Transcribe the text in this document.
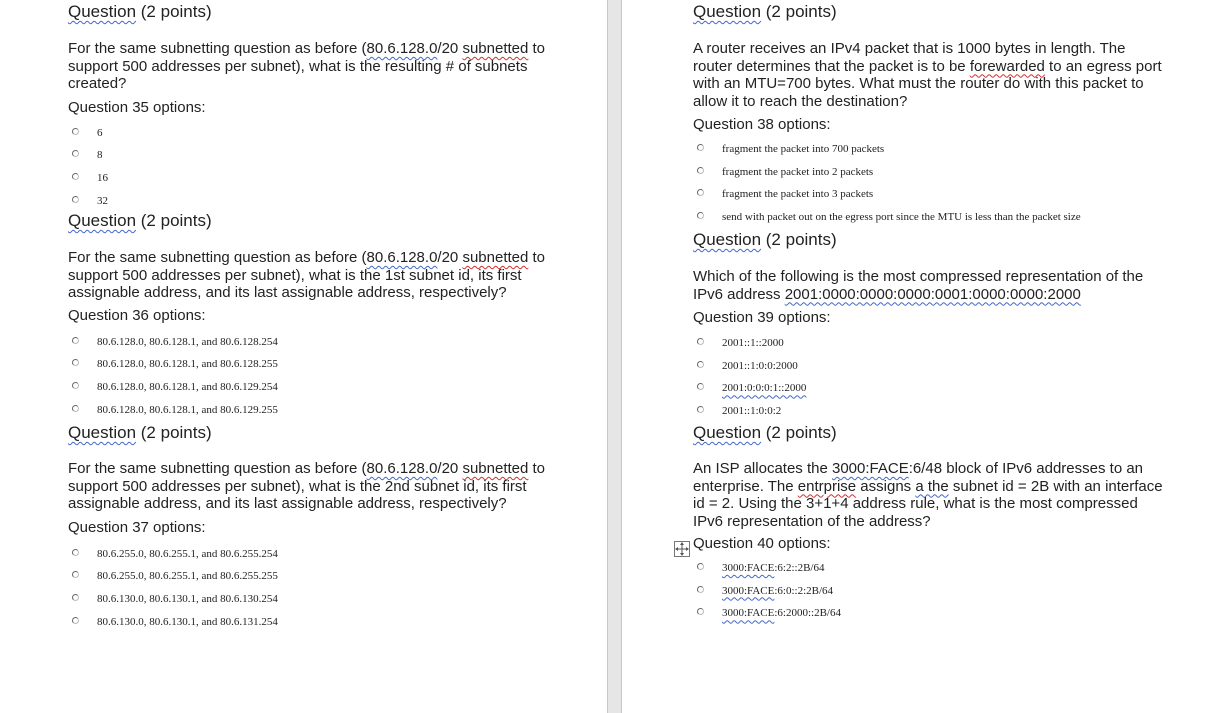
Question (2 points)
For the same subnetting question as before (80.6.128.0/20 subnetted to support 500 addresses per subnet), what is the resulting # of subnets created?
Question 35 options:
6
8
16
32
Question (2 points)
For the same subnetting question as before (80.6.128.0/20 subnetted to support 500 addresses per subnet), what is the 1st subnet id, its first assignable address, and its last assignable address, respectively?
Question 36 options:
80.6.128.0, 80.6.128.1, and 80.6.128.254
80.6.128.0, 80.6.128.1, and 80.6.128.255
80.6.128.0, 80.6.128.1, and 80.6.129.254
80.6.128.0, 80.6.128.1, and 80.6.129.255
Question (2 points)
For the same subnetting question as before (80.6.128.0/20 subnetted to support 500 addresses per subnet), what is the 2nd subnet id, its first assignable address, and its last assignable address, respectively?
Question 37 options:
80.6.255.0, 80.6.255.1, and 80.6.255.254
80.6.255.0, 80.6.255.1, and 80.6.255.255
80.6.130.0, 80.6.130.1, and 80.6.130.254
80.6.130.0, 80.6.130.1, and 80.6.131.254
Question (2 points)
A router receives an IPv4 packet that is 1000 bytes in length. The router determines that the packet is to be forewarded to an egress port with an MTU=700 bytes. What must the router do with this packet to allow it to reach the destination?
Question 38 options:
fragment the packet into 700 packets
fragment the packet into 2 packets
fragment the packet into 3 packets
send with packet out on the egress port since the MTU is less than the packet size
Question (2 points)
Which of the following is the most compressed representation of the IPv6 address 2001:0000:0000:0000:0001:0000:0000:2000
Question 39 options:
2001::1::2000
2001::1:0:0:2000
2001:0:0:0:1::2000
2001::1:0:0:2
Question (2 points)
An ISP allocates the 3000:FACE:6/48 block of IPv6 addresses to an enterprise. The entrprise assigns a the subnet id = 2B with an interface id = 2. Using the 3+1+4 address rule, what is the most compressed IPv6 representation of the address?
Question 40 options:
3000:FACE:6:2::2B/64
3000:FACE:6:0::2:2B/64
3000:FACE:6:2000::2B/64
